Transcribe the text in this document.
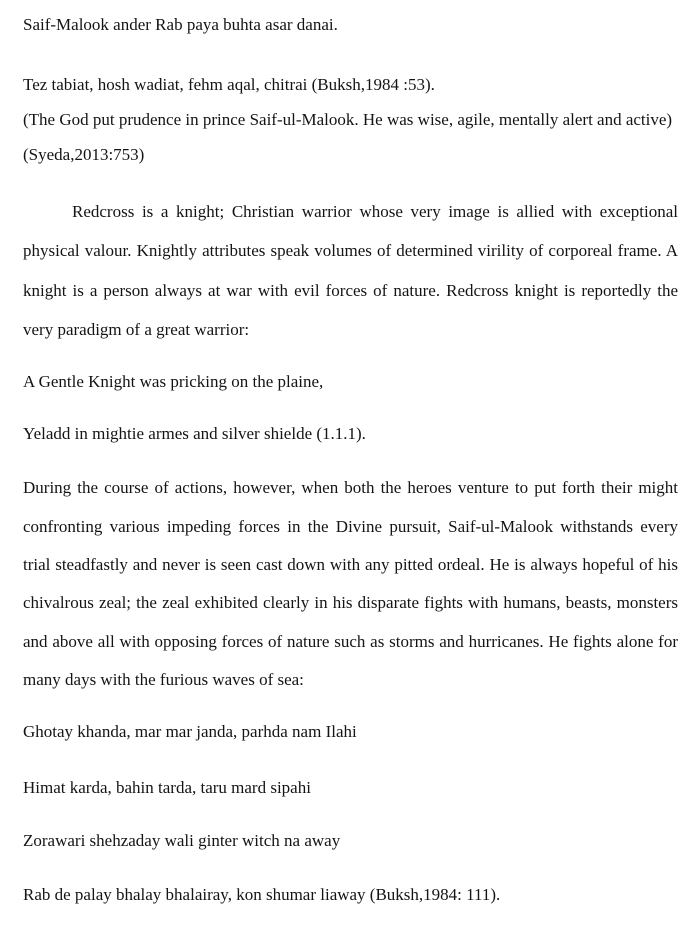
Saif-Malook ander Rab paya buhta asar danai.

Tez tabiat, hosh wadiat, fehm aqal, chitrai (Buksh,1984 :53).

(The God put prudence in prince Saif-ul-Malook. He was wise, agile, mentally alert and active)

(Syeda,2013:753)

Redcross is a knight; Christian warrior whose very image is allied with exceptional physical valour. Knightly attributes speak volumes of determined virility of corporeal frame. A knight is a person always at war with evil forces of nature. Redcross knight is reportedly the very paradigm of a great warrior:

A Gentle Knight was pricking on the plaine,

Yeladd in mightie armes and silver shielde (1.1.1).

During the course of actions, however, when both the heroes venture to put forth their might confronting various impeding forces in the Divine pursuit, Saif-ul-Malook withstands every trial steadfastly and never is seen cast down with any pitted ordeal. He is always hopeful of his chivalrous zeal; the zeal exhibited clearly in his disparate fights with humans, beasts, monsters and above all with opposing forces of nature such as storms and hurricanes. He fights alone for many days with the furious waves of sea:

Ghotay khanda, mar mar janda, parhda nam Ilahi

Himat karda, bahin tarda, taru mard sipahi

Zorawari shehzaday wali ginter witch na away

Rab de palay bhalay bhalairay, kon shumar liaway (Buksh,1984: 111).
